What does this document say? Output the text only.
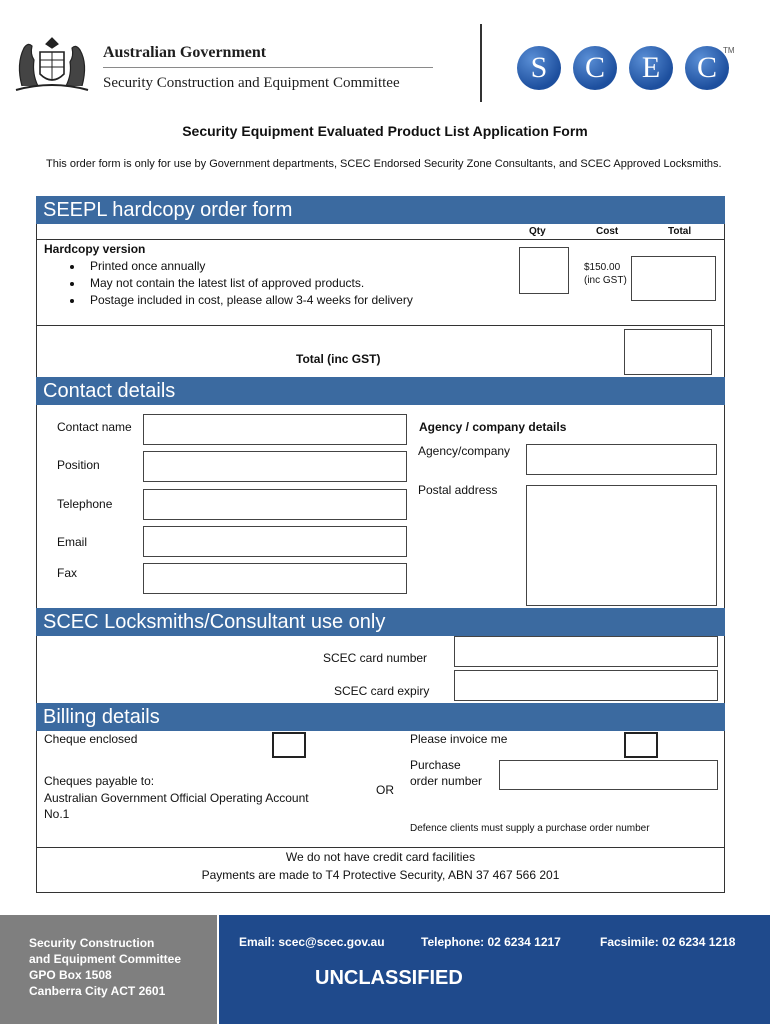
Australian Government
Security Construction and Equipment Committee	S	C	E	C
TM
Security Equipment Evaluated Product List Application Form
This order form is only for use by Government departments, SCEC Endorsed Security Zone Consultants, and SCEC Approved Locksmiths.
SEEPL hardcopy order form
Qty	Cost	Total
Hardcopy version
• Printed once annually
• May not contain the latest list of approved products.
• Postage included in cost, please allow 3-4 weeks for delivery
$150.00
(inc GST)
Total (inc GST)
Contact details
Contact name
Position
Telephone
Email
Fax
Agency / company details
Agency/company
Postal address
SCEC Locksmiths/Consultant use only
SCEC card number
SCEC card expiry
Billing details
Cheque enclosed	Please invoice me
Purchase
order number
Cheques payable to:
Australian Government Official Operating Account
No.1
OR
Defence clients must supply a purchase order number
We do not have credit card facilities
Payments are made to T4 Protective Security, ABN 37 467 566 201
Security Construction
and Equipment Committee
GPO Box 1508
Canberra City ACT 2601
Email: scec@scec.gov.au	Telephone: 02 6234 1217	Facsimile: 02 6234 1218
UNCLASSIFIED
